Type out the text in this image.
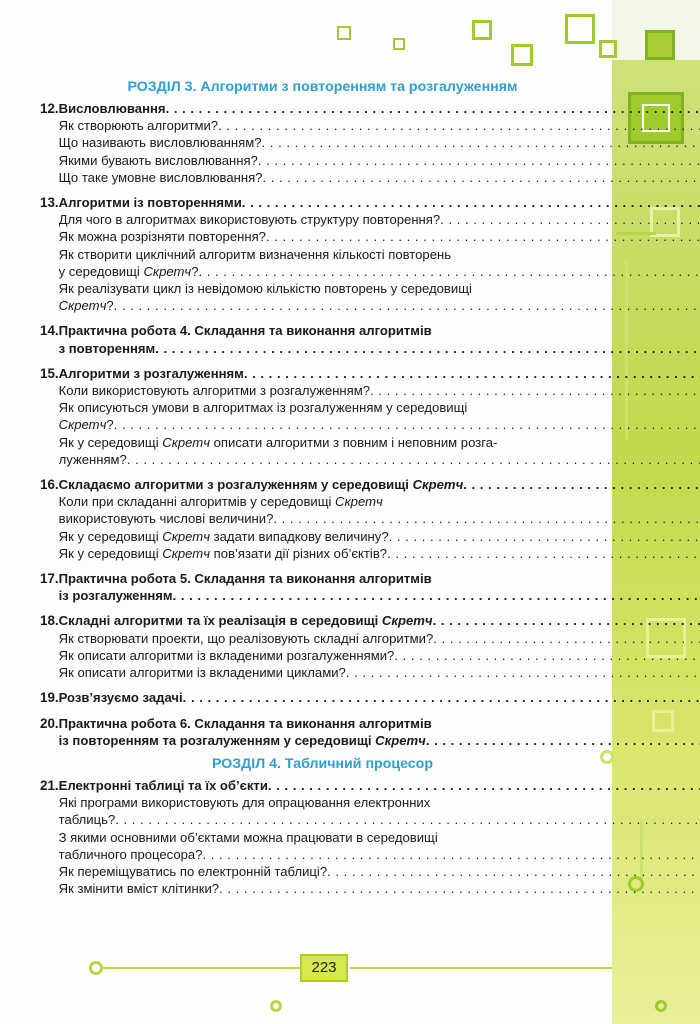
РОЗДІЛ 3. Алгоритми з повторенням та розгалуженням
12. Висловлювання
. . .
Як створюють алгоритми?
. . .
Що називають висловлюванням?
. . .
Якими бувають висловлювання?
. . .
Що таке умовне висловлювання?
. . .
13. Алгоритми із повтореннями
. . .
Для чого в алгоритмах використовують структуру повторення?
. . .
Як можна розрізняти повторення?
. . .
Як створити циклічний алгоритм визначення кількості повторень
у середовищі Скретч?
. . .
Як реалізувати цикл із невідомою кількістю повторень у середовищі
Скретч?
. . .
14. Практична робота 4. Складання та виконання алгоритмів
з повторенням
. . .
15. Алгоритми з розгалуженням
. . .
Коли використовують алгоритми з розгалуженням?
. . .
Як описуються умови в алгоритмах із розгалуженням у середовищі
Скретч?
. . .
Як у середовищі Скретч описати алгоритми з повним і неповним розга-
луженням?
. . .
16. Складаємо алгоритми з розгалуженням у середовищі Скретч
. . .
Коли при складанні алгоритмів у середовищі Скретч
використовують числові величини?
. . .
Як у середовищі Скретч задати випадкову величину?
. . .
Як у середовищі Скретч пов’язати дії різних об’єктів?
. . .
17. Практична робота 5. Складання та виконання алгоритмів
із розгалуженням
. . .
18. Складні алгоритми та їх реалізація в середовищі Скретч
. . .
Як створювати проекти, що реалізовують складні алгоритми?
. . .
Як описати алгоритми із вкладеними розгалуженнями?
. . .
Як описати алгоритми із вкладеними циклами?
. . .
19. Розв’язуємо задачі
. . .
20. Практична робота 6. Складання та виконання алгоритмів
із повторенням та розгалуженням у середовищі Скретч
. . .
РОЗДІЛ 4. Табличний процесор
21. Електронні таблиці та їх об’єкти
. . .
Які програми використовують для опрацювання електронних
таблиць?
. . .
З якими основними об’єктами можна працювати в середовищі
табличного процесора?
. . .
Як переміщуватись по електронній таблиці?
. . .
Як змінити вміст клітинки?
. . .
223
